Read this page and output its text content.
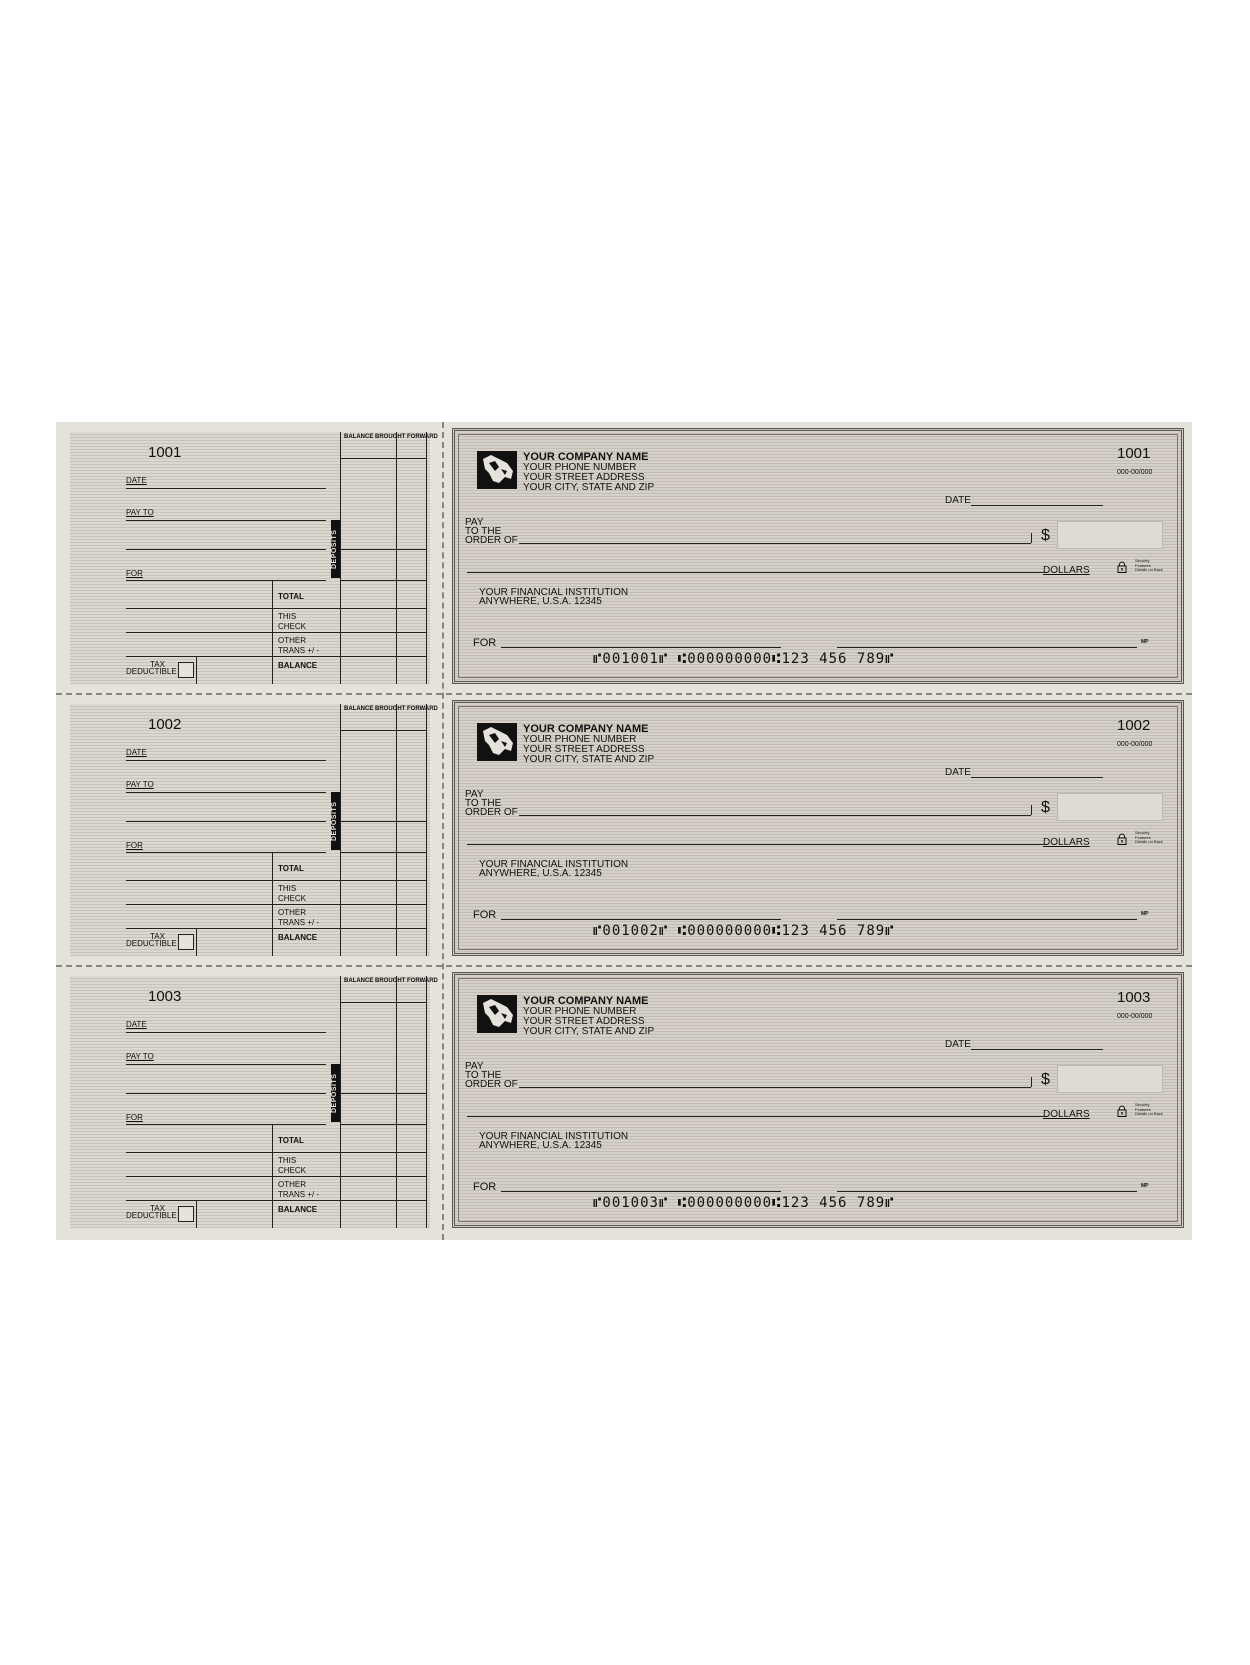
1001
DATE
PAY TO
FOR
TOTAL
THIS
CHECK
OTHER
TRANS +/ -
BALANCE
TAX
DEDUCTIBLE
BALANCE BROUGHT FORWARD
DEPOSITS
YOUR COMPANY NAME
YOUR PHONE NUMBER
YOUR STREET ADDRESS
YOUR CITY, STATE AND ZIP
1001
000-00/000
DATE
PAY
TO THE
ORDER OF	$
DOLLARS
Security Features Details on Back
YOUR FINANCIAL INSTITUTION
ANYWHERE, U.S.A. 12345
FOR	MP
⑈001001⑈ ⑆000000000⑆123 456 789⑈
1002
DATE
PAY TO
FOR
TOTAL
THIS
CHECK
OTHER
TRANS +/ -
BALANCE
TAX
DEDUCTIBLE
BALANCE BROUGHT FORWARD
DEPOSITS
YOUR COMPANY NAME
YOUR PHONE NUMBER
YOUR STREET ADDRESS
YOUR CITY, STATE AND ZIP
1002
000-00/000
DATE
PAY
TO THE
ORDER OF	$
DOLLARS
Security Features Details on Back
YOUR FINANCIAL INSTITUTION
ANYWHERE, U.S.A. 12345
FOR	MP
⑈001002⑈ ⑆000000000⑆123 456 789⑈
1003
DATE
PAY TO
FOR
TOTAL
THIS
CHECK
OTHER
TRANS +/ -
BALANCE
TAX
DEDUCTIBLE
BALANCE BROUGHT FORWARD
DEPOSITS
YOUR COMPANY NAME
YOUR PHONE NUMBER
YOUR STREET ADDRESS
YOUR CITY, STATE AND ZIP
1003
000-00/000
DATE
PAY
TO THE
ORDER OF	$
DOLLARS
Security Features Details on Back
YOUR FINANCIAL INSTITUTION
ANYWHERE, U.S.A. 12345
FOR	MP
⑈001003⑈ ⑆000000000⑆123 456 789⑈
